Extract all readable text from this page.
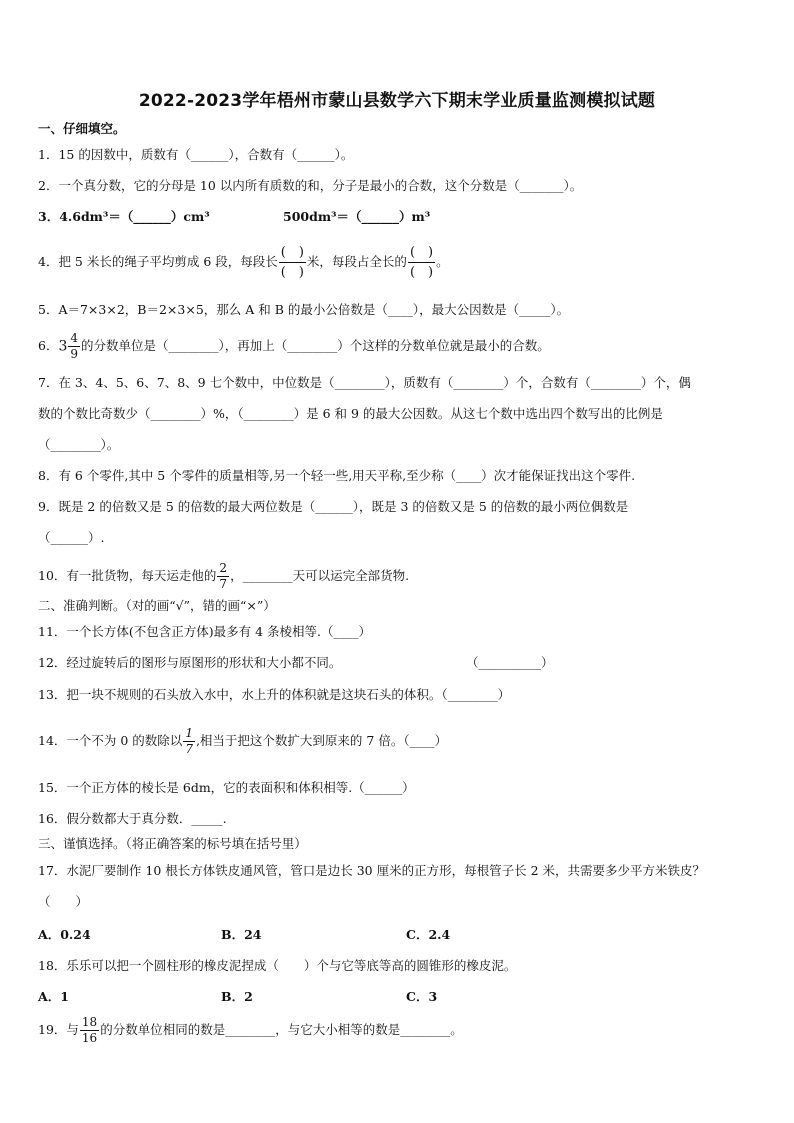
2022-2023学年梧州市蒙山县数学六下期末学业质量监测模拟试题
一、仔细填空。
1．15 的因数中，质数有（______），合数有（______）。
2．一个真分数，它的分母是 10 以内所有质数的和，分子是最小的合数，这个分数是（_______）。
3．4.6dm³＝（______）cm³	500dm³＝（______）m³
4．把 5 米长的绳子平均剪成 6 段，每段长 $\frac{( )}{( )}$ 米，每段占全长的 $\frac{( )}{( )}$ 。
5．A＝7×3×2，B＝2×3×5，那么 A 和 B 的最小公倍数是（____），最大公因数是（_____）。
6．$3 \frac{4}{9}$ 的分数单位是（________），再加上（________）个这样的分数单位就是最小的合数。
7．在 3、4、5、6、7、8、9 七个数中，中位数是（________），质数有（________）个，合数有（________）个，偶
数的个数比奇数少（________）%，（________）是 6 和 9 的最大公因数。从这七个数中选出四个数写出的比例是
（________）。
8．有 6 个零件,其中 5 个零件的质量相等,另一个轻一些,用天平称,至少称（____）次才能保证找出这个零件.
9．既是 2 的倍数又是 5 的倍数的最大两位数是（______），既是 3 的倍数又是 5 的倍数的最小两位偶数是
（______）.
10．有一批货物，每天运走他的 $\frac{2}{7}$ ，________天可以运完全部货物.
二、准确判断。（对的画“√”，错的画“×”）
11．一个长方体(不包含正方体)最多有 4 条棱相等.（____）
12．经过旋转后的图形与原图形的形状和大小都不同。	（__________）
13．把一块不规则的石头放入水中，水上升的体积就是这块石头的体积。（________）
14．一个不为 0 的数除以 $\frac{1}{7}$ ,相当于把这个数扩大到原来的 7 倍。（____）
15．一个正方体的棱长是 6dm，它的表面积和体积相等.（______）
16．假分数都大于真分数．_____.
三、谨慎选择。（将正确答案的标号填在括号里）
17．水泥厂要制作 10 根长方体铁皮通风管，管口是边长 30 厘米的正方形，每根管子长 2 米，共需要多少平方米铁皮？
（　　）
A．0.24	B．24	C．2.4
18．乐乐可以把一个圆柱形的橡皮泥捏成（　　）个与它等底等高的圆锥形的橡皮泥。
A．1	B．2	C．3
19．与 $\frac{18}{16}$ 的分数单位相同的数是________，与它大小相等的数是________。
